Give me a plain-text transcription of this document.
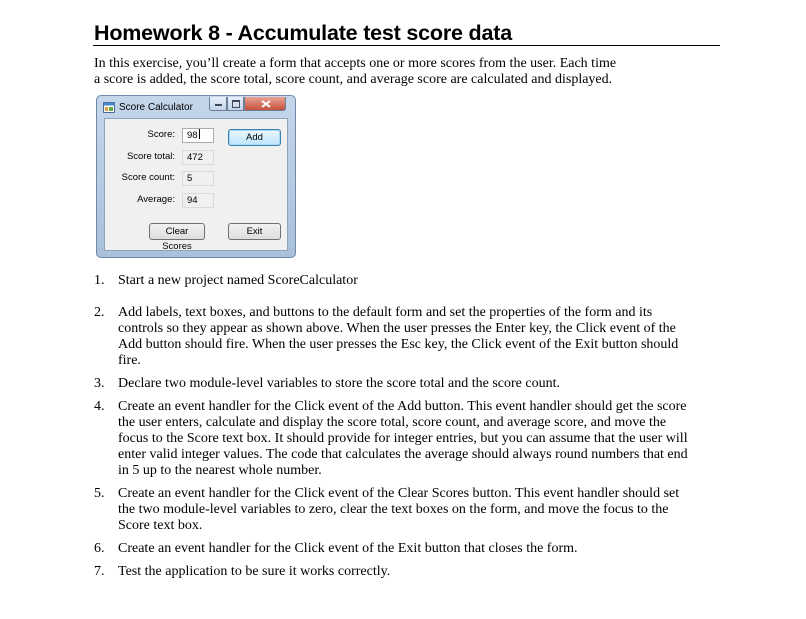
Homework 8 - Accumulate test score data
In this exercise, you’ll create a form that accepts one or more scores from the user. Each time
a score is added, the score total, score count, and average score are calculated and displayed.
Score Calculator
Score:	98	Add
Score total:	472
Score count:	5
Average:	94
Clear Scores
Exit
1. Start a new project named ScoreCalculator
2. Add labels, text boxes, and buttons to the default form and set the properties of the form and its
controls so they appear as shown above. When the user presses the Enter key, the Click event of the
Add button should fire. When the user presses the Esc key, the Click event of the Exit button should
fire.
3. Declare two module-level variables to store the score total and the score count.
4. Create an event handler for the Click event of the Add button. This event handler should get the score
the user enters, calculate and display the score total, score count, and average score, and move the
focus to the Score text box. It should provide for integer entries, but you can assume that the user will
enter valid integer values. The code that calculates the average should always round numbers that end
in 5 up to the nearest whole number.
5. Create an event handler for the Click event of the Clear Scores button. This event handler should set
the two module-level variables to zero, clear the text boxes on the form, and move the focus to the
Score text box.
6. Create an event handler for the Click event of the Exit button that closes the form.
7. Test the application to be sure it works correctly.
